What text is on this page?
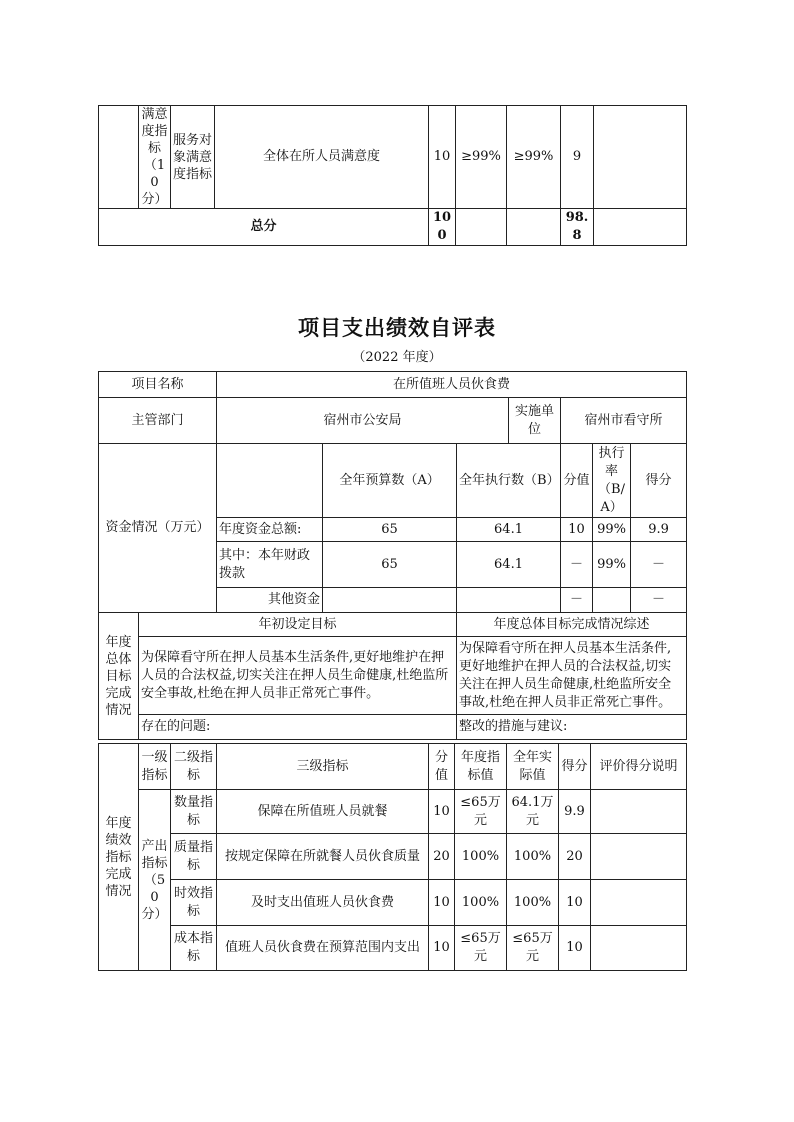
	满意度指标（10分）	服务对象满意度指标	全体在所人员满意度	10	≥99%	≥99%	9	
总分				100			98.8	
项目支出绩效自评表
（2022 年度）
项目名称		在所值班人员伙食费						
主管部门		宿州市公安局			实施单位	宿州市看守所		
资金情况（万元）			全年预算数（A）	全年执行数（B）		分值	执行率（B/A）	得分
		年度资金总额:	65	64.1		10	99%	9.9
		其中：本年财政拨款	65	64.1		－	99%	－
		其他资金				－		－
年度总体目标完成情况	年初设定目标			年度总体目标完成情况综述				
	为保障看守所在押人员基本生活条件,更好地维护在押人员的合法权益,切实关注在押人员生命健康,杜绝监所安全事故,杜绝在押人员非正常死亡事件。			为保障看守所在押人员基本生活条件,更好地维护在押人员的合法权益,切实关注在押人员生命健康,杜绝监所安全事故,杜绝在押人员非正常死亡事件。				
	存在的问题:			整改的措施与建议:				
年度绩效指标完成情况	一级指标	二级指标	三级指标	分值	年度指标值	全年实际值	得分	评价得分说明
	产出指标（50分）	数量指标	保障在所值班人员就餐	10	≤65万元	64.1万元	9.9	
		质量指标	按规定保障在所就餐人员伙食质量	20	100%	100%	20	
		时效指标	及时支出值班人员伙食费	10	100%	100%	10	
		成本指标	值班人员伙食费在预算范围内支出	10	≤65万元	≤65万元	10	
